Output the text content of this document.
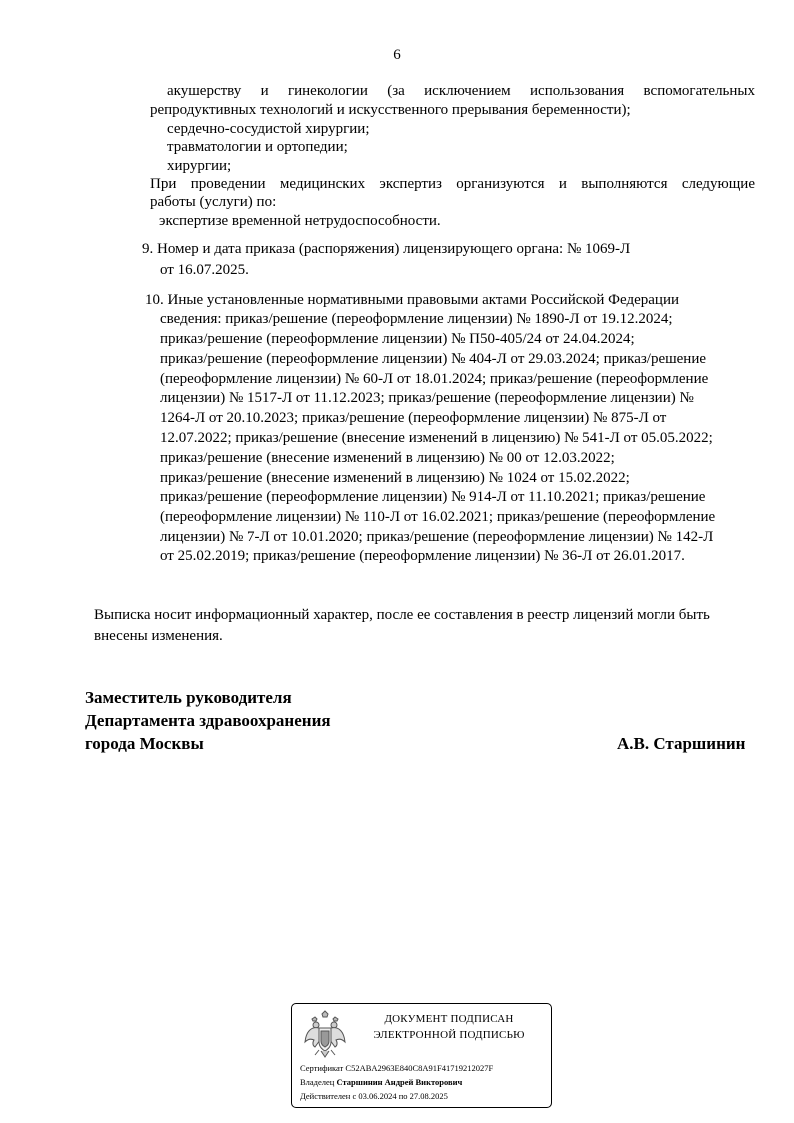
6
акушерству и гинекологии (за исключением использования вспомогательных
репродуктивных технологий и искусственного прерывания беременности);
сердечно-сосудистой хирургии;
травматологии и ортопедии;
хирургии;
При проведении медицинских экспертиз организуются и выполняются следующие
работы (услуги) по:
экспертизе временной нетрудоспособности.
9. Номер и дата приказа (распоряжения) лицензирующего органа: № 1069-Л
от 16.07.2025.
10. Иные установленные нормативными правовыми актами Российской Федерации
сведения: приказ/решение (переоформление лицензии) № 1890-Л от 19.12.2024;
приказ/решение (переоформление лицензии) № П50-405/24 от 24.04.2024;
приказ/решение (переоформление лицензии) № 404-Л от 29.03.2024; приказ/решение
(переоформление лицензии) № 60-Л от 18.01.2024; приказ/решение (переоформление
лицензии) № 1517-Л от 11.12.2023; приказ/решение (переоформление лицензии) №
1264-Л от 20.10.2023; приказ/решение (переоформление лицензии) № 875-Л от
12.07.2022; приказ/решение (внесение изменений в лицензию) № 541-Л от 05.05.2022;
приказ/решение (внесение изменений в лицензию) № 00 от 12.03.2022;
приказ/решение (внесение изменений в лицензию) № 1024 от 15.02.2022;
приказ/решение (переоформление лицензии) № 914-Л от 11.10.2021; приказ/решение
(переоформление лицензии) № 110-Л от 16.02.2021; приказ/решение (переоформление
лицензии) № 7-Л от 10.01.2020; приказ/решение (переоформление лицензии) № 142-Л
от 25.02.2019; приказ/решение (переоформление лицензии) № 36-Л от 26.01.2017.
Выписка носит информационный характер, после ее составления в реестр лицензий могли быть
внесены изменения.
Заместитель руководителя
Департамента здравоохранения
города Москвы	А.В. Старшинин
ДОКУМЕНТ ПОДПИСАН
ЭЛЕКТРОННОЙ ПОДПИСЬЮ
Сертификат C52ABA2963E840C8A91F41719212027F
Владелец Старшинин Андрей Викторович
Действителен с 03.06.2024 по 27.08.2025
